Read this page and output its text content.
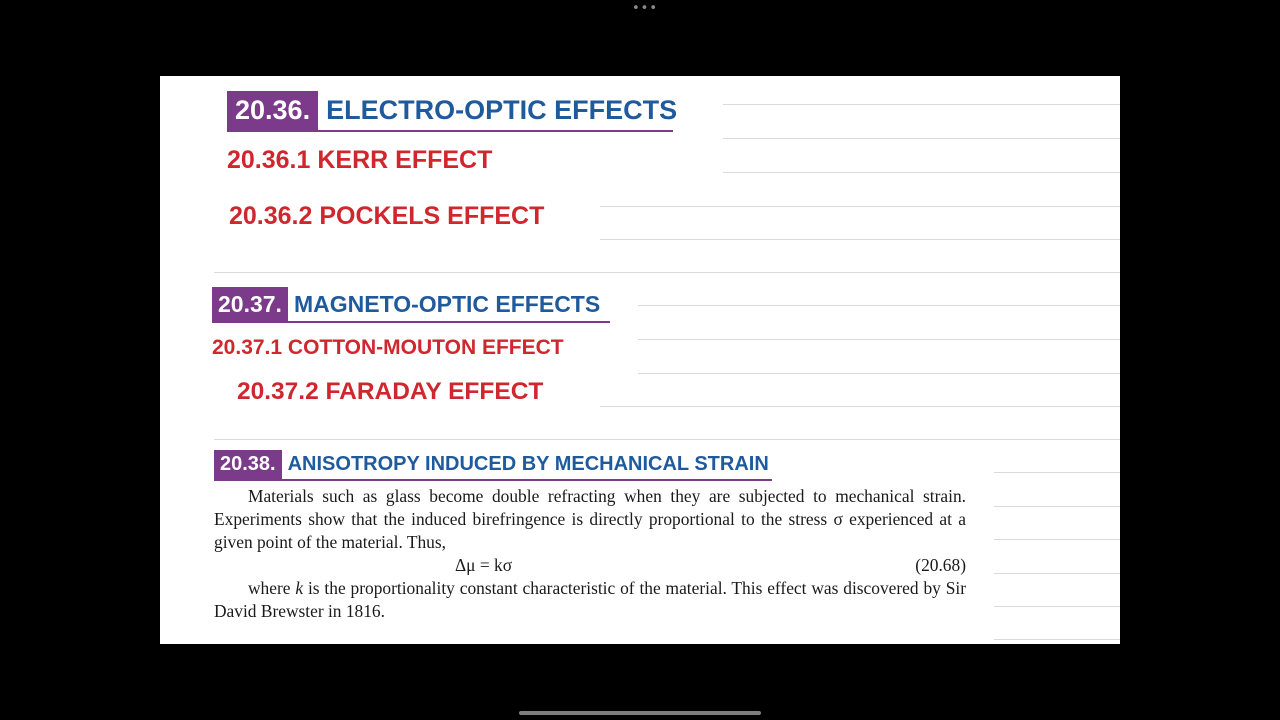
•••
20.36. ELECTRO-OPTIC EFFECTS
20.36.1 KERR EFFECT
20.36.2 POCKELS EFFECT
20.37. MAGNETO-OPTIC EFFECTS
20.37.1 COTTON-MOUTON EFFECT
20.37.2 FARADAY EFFECT
20.38. ANISOTROPY INDUCED BY MECHANICAL STRAIN

Materials such as glass become double refracting when they are subjected to mechanical strain. Experiments show that the induced birefringence is directly proportional to the stress σ experienced at a given point of the material. Thus,

Δμ = kσ	(20.68)

where k is the proportionality constant characteristic of the material. This effect was discovered by Sir David Brewster in 1816.
